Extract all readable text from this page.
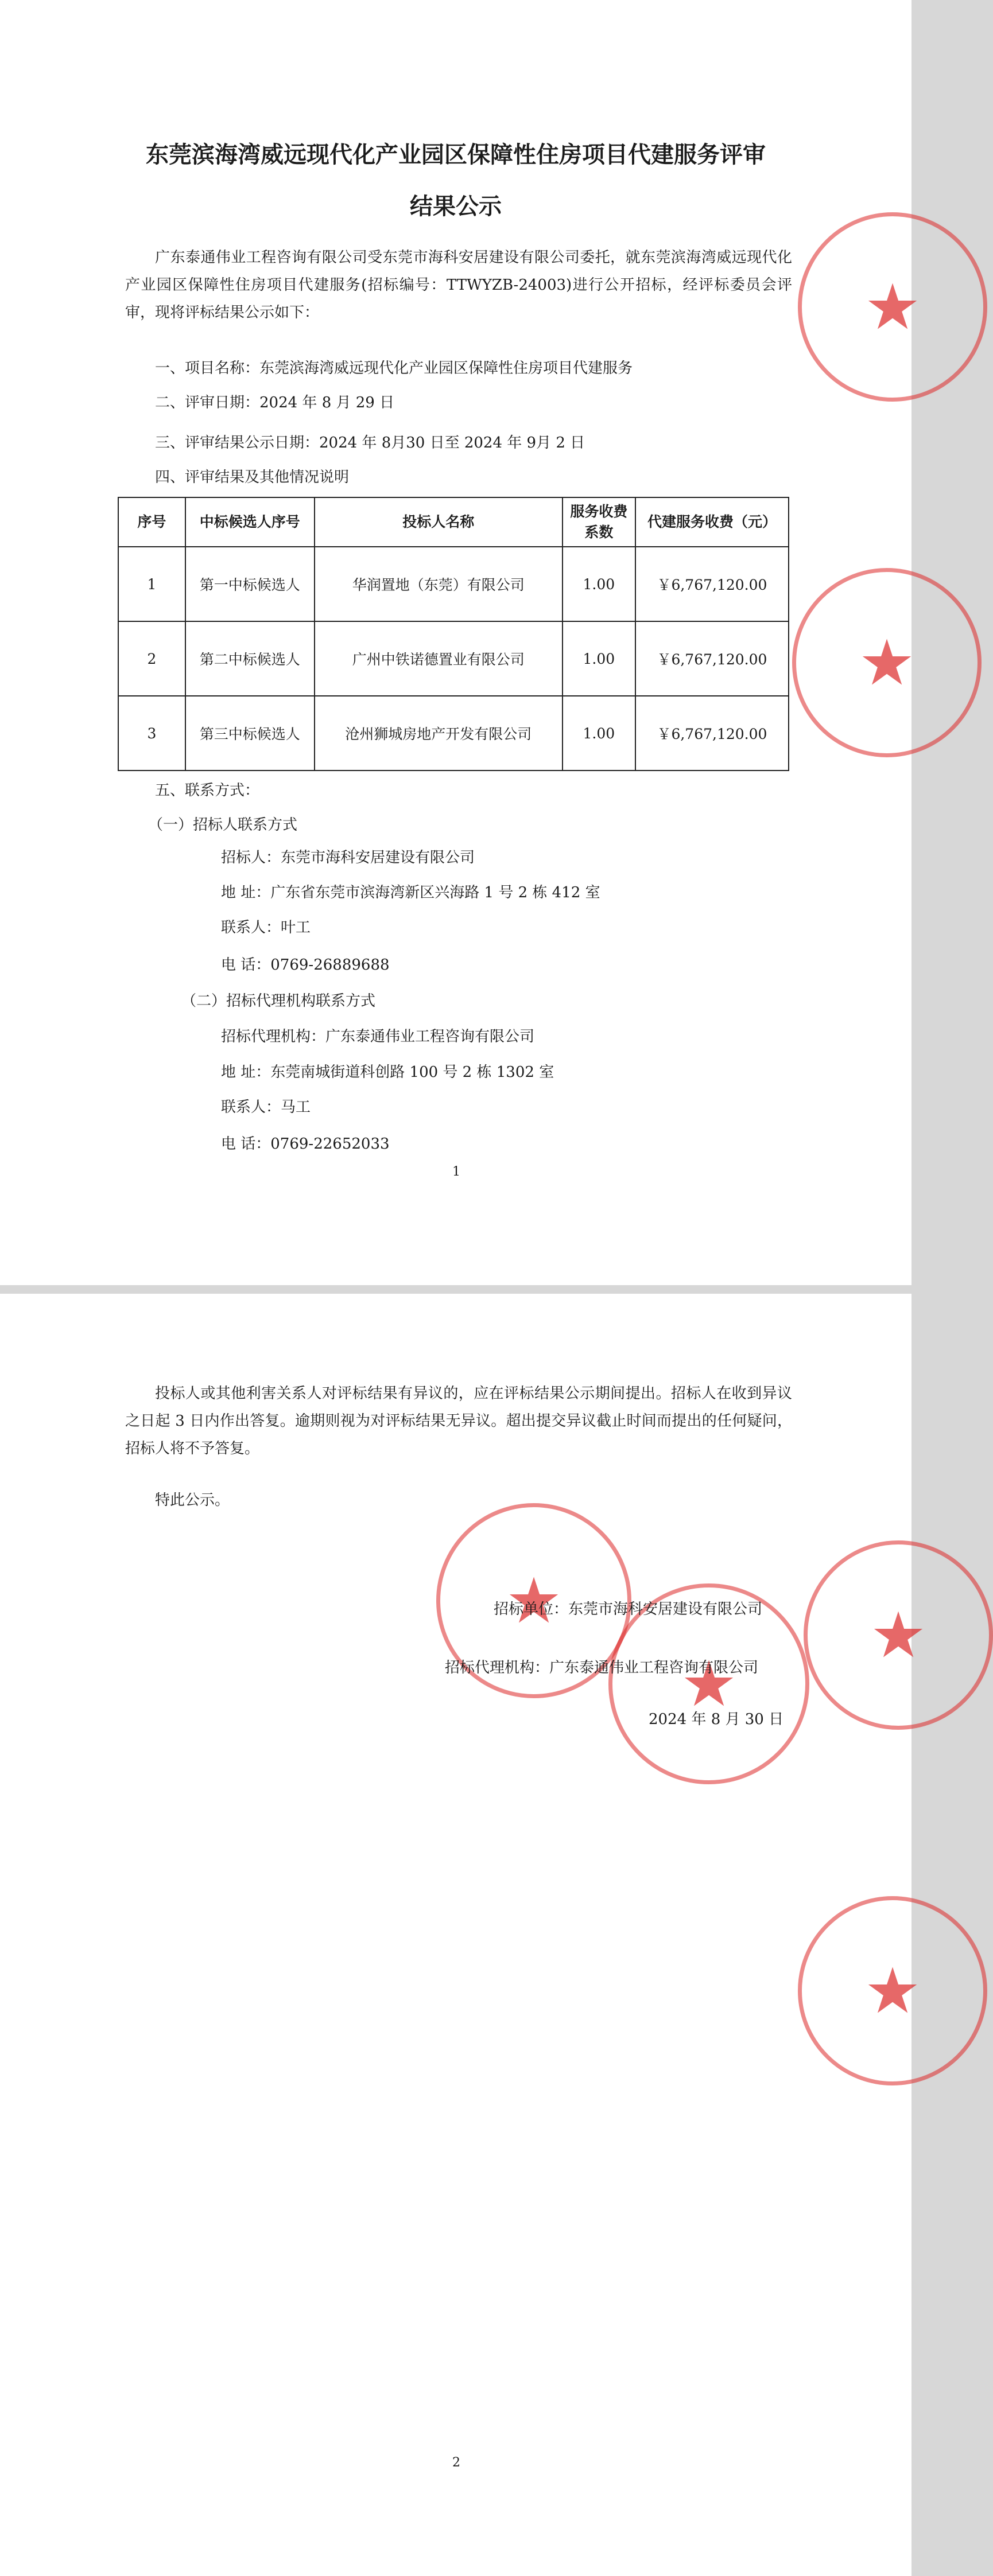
东莞滨海湾威远现代化产业园区保障性住房项目代建服务评审结果公示

广东泰通伟业工程咨询有限公司受东莞市海科安居建设有限公司委托，就东莞滨海湾威远现代化产业园区保障性住房项目代建服务(招标编号：TTWYZB-24003)进行公开招标，经评标委员会评审，现将评标结果公示如下：

一、项目名称：东莞滨海湾威远现代化产业园区保障性住房项目代建服务

二、评审日期：2024 年 8 月 29 日

三、评审结果公示日期：2024 年 8月30 日至 2024 年 9月 2 日

四、评审结果及其他情况说明

序号	中标候选人序号	投标人名称	服务收费系数	代建服务收费（元）
1	第一中标候选人	华润置地（东莞）有限公司	1.00	￥6,767,120.00
2	第二中标候选人	广州中铁诺德置业有限公司	1.00	￥6,767,120.00
3	第三中标候选人	沧州狮城房地产开发有限公司	1.00	￥6,767,120.00

五、联系方式：

（一）招标人联系方式

招标人：东莞市海科安居建设有限公司

地 址：广东省东莞市滨海湾新区兴海路 1 号 2 栋 412 室

联系人：叶工

电 话：0769-26889688

（二）招标代理机构联系方式

招标代理机构：广东泰通伟业工程咨询有限公司

地 址：东莞南城街道科创路 100 号 2 栋 1302 室

联系人：马工

电 话：0769-22652033

1
★
★

投标人或其他利害关系人对评标结果有异议的，应在评标结果公示期间提出。招标人在收到异议之日起 3 日内作出答复。逾期则视为对评标结果无异议。超出提交异议截止时间而提出的任何疑问，招标人将不予答复。

特此公示。

★
★
★
★

招标单位：东莞市海科安居建设有限公司

招标代理机构：广东泰通伟业工程咨询有限公司

2024 年 8 月 30 日

2
